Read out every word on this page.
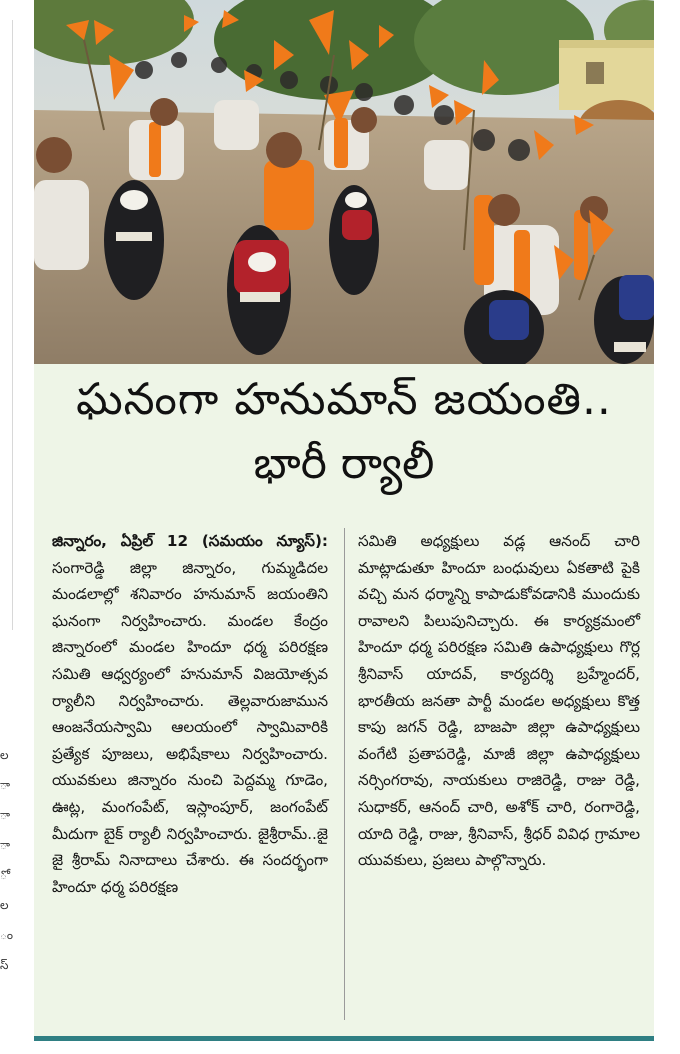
ల
ా
ా
ా
ో
ల
ం
స్
ఘనంగా హనుమాన్ జయంతి..
భారీ ర్యాలీ
జిన్నారం, ఏప్రిల్ 12 (సమయం న్యూస్): సంగారెడ్డి జిల్లా జిన్నారం, గుమ్మడిదల మండలాల్లో శనివారం హనుమాన్ జయంతిని ఘనంగా నిర్వహించారు. మండల కేంద్రం జిన్నారంలో మండల హిందూ ధర్మ పరిరక్షణ సమితి ఆధ్వర్యంలో హనుమాన్ విజయోత్సవ ర్యాలీని నిర్వహించారు. తెల్లవారుజామున ఆంజనేయస్వామి ఆలయంలో స్వామివారికి ప్రత్యేక పూజలు, అభిషేకాలు నిర్వహించారు. యువకులు జిన్నారం నుంచి పెద్దమ్మ గూడెం, ఊట్ల, మంగంపేట్, ఇస్లాంపూర్, జంగంపేట్ మీదుగా బైక్ ర్యాలీ నిర్వహించారు. జైశ్రీరామ్..జై జై శ్రీరామ్ నినాదాలు చేశారు. ఈ సందర్భంగా హిందూ ధర్మ పరిరక్షణ
సమితి అధ్యక్షులు వడ్ల ఆనంద్ చారి మాట్లాడుతూ హిందూ బంధువులు ఏకతాటి పైకి వచ్చి మన ధర్మాన్ని కాపాడుకోవడానికి ముందుకు రావాలని పిలుపునిచ్చారు. ఈ కార్యక్రమంలో హిందూ ధర్మ పరిరక్షణ సమితి ఉపాధ్యక్షులు గొర్ల శ్రీనివాస్ యాదవ్, కార్యదర్శి బ్రహ్మేందర్, భారతీయ జనతా పార్టీ మండల అధ్యక్షులు కొత్త కాపు జగన్ రెడ్డి, బాజపా జిల్లా ఉపాధ్యక్షులు వంగేటి ప్రతాపరెడ్డి, మాజీ జిల్లా ఉపాధ్యక్షులు నర్సింగరావు, నాయకులు రాజిరెడ్డి, రాజు రెడ్డి, సుధాకర్, ఆనంద్ చారి, అశోక్ చారి, రంగారెడ్డి, యాది రెడ్డి, రాజు, శ్రీనివాస్, శ్రీధర్ వివిధ గ్రామాల యువకులు, ప్రజలు పాల్గొన్నారు.
